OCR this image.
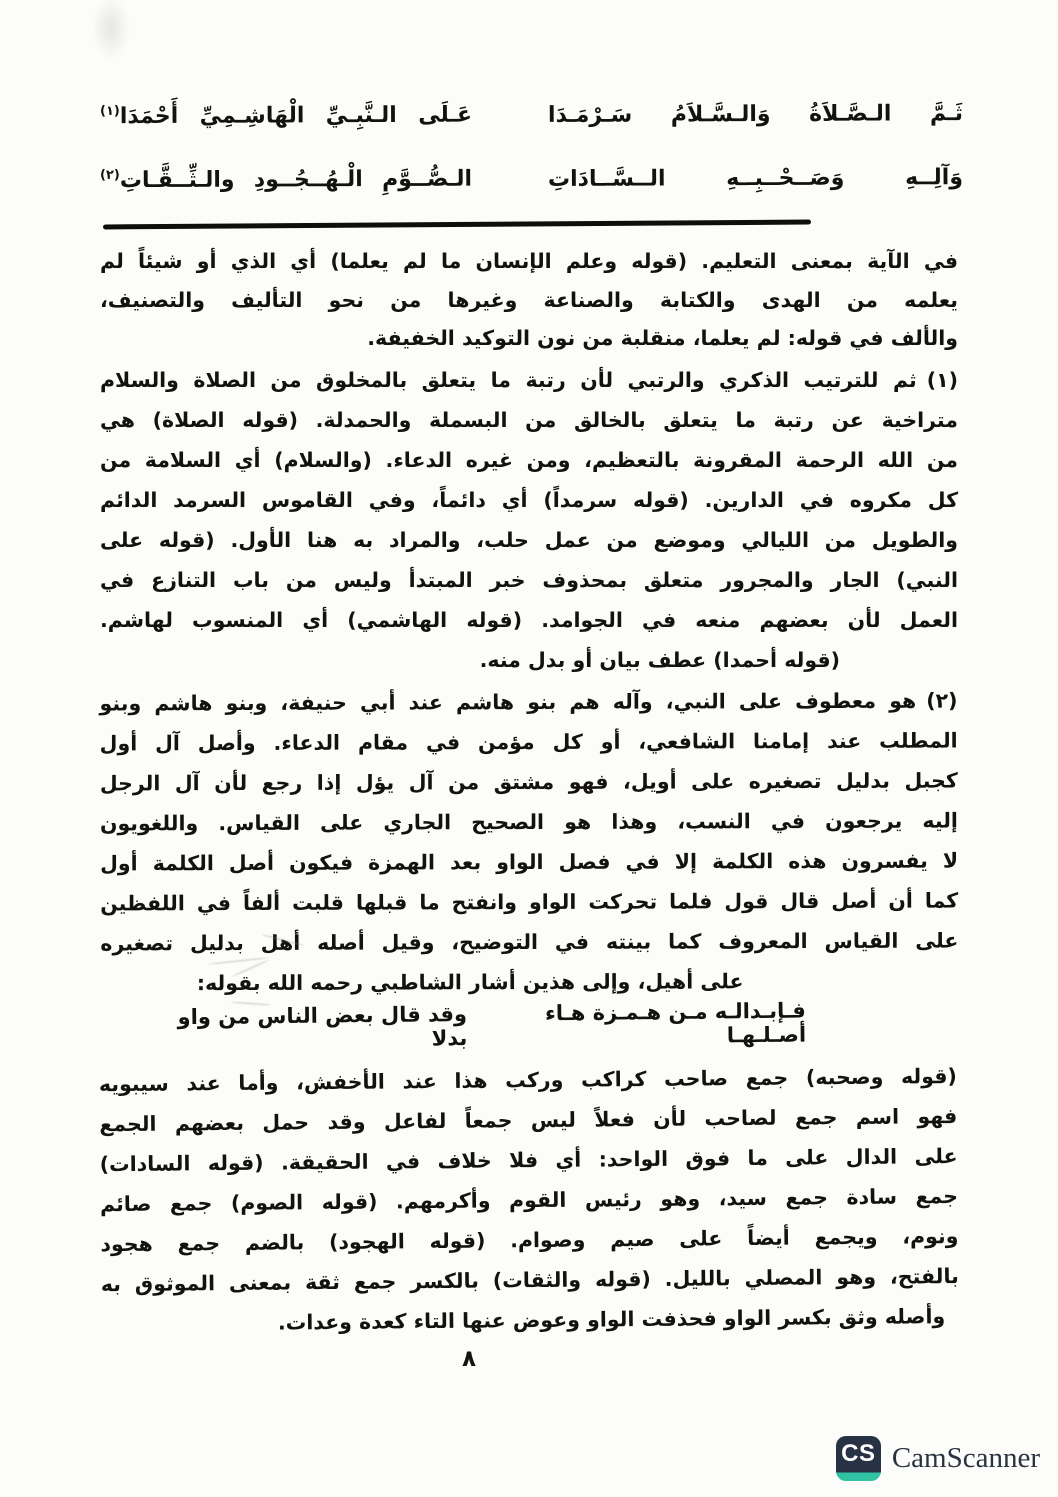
ثَـمَّ الـصَّـلاَةُ وَالـسَّـلاَمُ سَـرْمَـدَا
عَـلَى الـنَّبِـيِّ الْهَاشِـمِيِّ أَحْمَدَا$^{(١)}$
وَآلِــهِ وَصَــحْــبِــهِ الــسَّــادَاتِ
الـصُّــوَّمِ الْـهُــجُــودِ والـثِّــقَّـاتِ$^{(٢)}$
في الآية بمعنى التعليم. (قوله وعلم الإنسان ما لم يعلما) أي الذي أو شيئاً لم
يعلمه من الهدى والكتابة والصناعة وغيرها من نحو التأليف والتصنيف،
والألف في قوله: لم يعلما، منقلبة من نون التوكيد الخفيفة.
(١)ثم للترتيب الذكري والرتبي لأن رتبة ما يتعلق بالمخلوق من الصلاة والسلام
متراخية عن رتبة ما يتعلق بالخالق من البسملة والحمدلة. (قوله الصلاة) هي
من الله الرحمة المقرونة بالتعظيم، ومن غيره الدعاء. (والسلام) أي السلامة من
كل مكروه في الدارين. (قوله سرمداً) أي دائماً، وفي القاموس السرمد الدائم
والطويل من الليالي وموضع من عمل حلب، والمراد به هنا الأول. (قوله على
النبي) الجار والمجرور متعلق بمحذوف خبر المبتدأ وليس من باب التنازع في
العمل لأن بعضهم منعه في الجوامد. (قوله الهاشمي) أي المنسوب لهاشم.
(قوله أحمدا) عطف بيان أو بدل منه.
(٢)هو معطوف على النبي، وآله هم بنو هاشم عند أبي حنيفة، وبنو هاشم وبنو
المطلب عند إمامنا الشافعي، أو كل مؤمن في مقام الدعاء. وأصل آل أول
كجبل بدليل تصغيره على أويل، فهو مشتق من آل يؤل إذا رجع لأن آل الرجل
إليه يرجعون في النسب، وهذا هو الصحيح الجاري على القياس. واللغويون
لا يفسرون هذه الكلمة إلا في فصل الواو بعد الهمزة فيكون أصل الكلمة أول
كما أن أصل قال قول فلما تحركت الواو وانفتح ما قبلها قلبت ألفاً في اللفظين
على القياس المعروف كما بينته في التوضيح، وقيل أصله أهل بدليل تصغيره
على أهيل، وإلى هذين أشار الشاطبي رحمه الله بقوله:
فـإبـدالـه مـن هـمـزة هـاء أصـلـهـا
وقد قال بعض الناس من واو بدلا
(قوله وصحبه) جمع صاحب كراكب وركب هذا عند الأخفش، وأما عند سيبويه
فهو اسم جمع لصاحب لأن فعلاً ليس جمعاً لفاعل وقد حمل بعضهم الجمع
على الدال على ما فوق الواحد: أي فلا خلاف في الحقيقة. (قوله السادات)
جمع سادة جمع سيد، وهو رئيس القوم وأكرمهم. (قوله الصوم) جمع صائم
ونوم، ويجمع أيضاً على صيم وصوام. (قوله الهجود) بالضم جمع هجود
بالفتح، وهو المصلي بالليل. (قوله والثقات) بالكسر جمع ثقة بمعنى الموثوق به
وأصله وثق بكسر الواو فحذفت الواو وعوض عنها التاء كعدة وعدات.
٨
CS CamScanner
